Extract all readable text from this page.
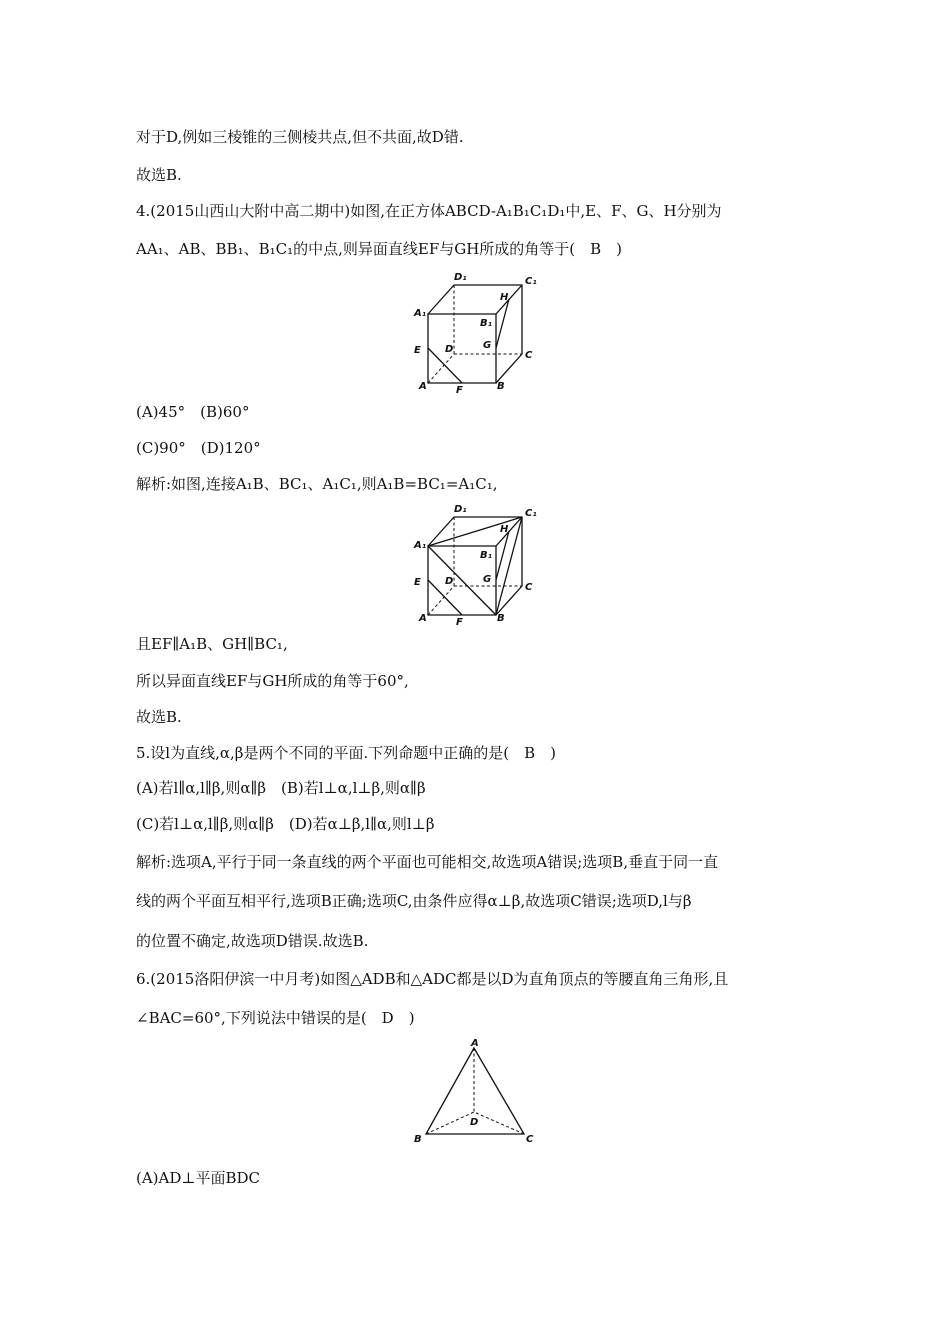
对于D,例如三棱锥的三侧棱共点,但不共面,故D错.
故选B.
4.(2015山西山大附中高二期中)如图,在正方体ABCD-A₁B₁C₁D₁中,E、F、G、H分别为
AA₁、AB、BB₁、B₁C₁的中点,则异面直线EF与GH所成的角等于(　B　)
D₁	C₁
H
A₁
B₁
E D	G
C
A	F	B
(A)45°　(B)60°
(C)90°　(D)120°
解析:如图,连接A₁B、BC₁、A₁C₁,则A₁B=BC₁=A₁C₁,
D₁	C₁
H
A₁
B₁
E D	G
C
A	F	B
且EF∥A₁B、GH∥BC₁,
所以异面直线EF与GH所成的角等于60°,
故选B.
5.设l为直线,α,β是两个不同的平面.下列命题中正确的是(　B　)
(A)若l∥α,l∥β,则α∥β　(B)若l⊥α,l⊥β,则α∥β
(C)若l⊥α,l∥β,则α∥β　(D)若α⊥β,l∥α,则l⊥β
解析:选项A,平行于同一条直线的两个平面也可能相交,故选项A错误;选项B,垂直于同一直
线的两个平面互相平行,选项B正确;选项C,由条件应得α⊥β,故选项C错误;选项D,l与β
的位置不确定,故选项D错误.故选B.
6.(2015洛阳伊滨一中月考)如图△ADB和△ADC都是以D为直角顶点的等腰直角三角形,且
∠BAC=60°,下列说法中错误的是(　D　)
A
D
B	C
(A)AD⊥平面BDC
